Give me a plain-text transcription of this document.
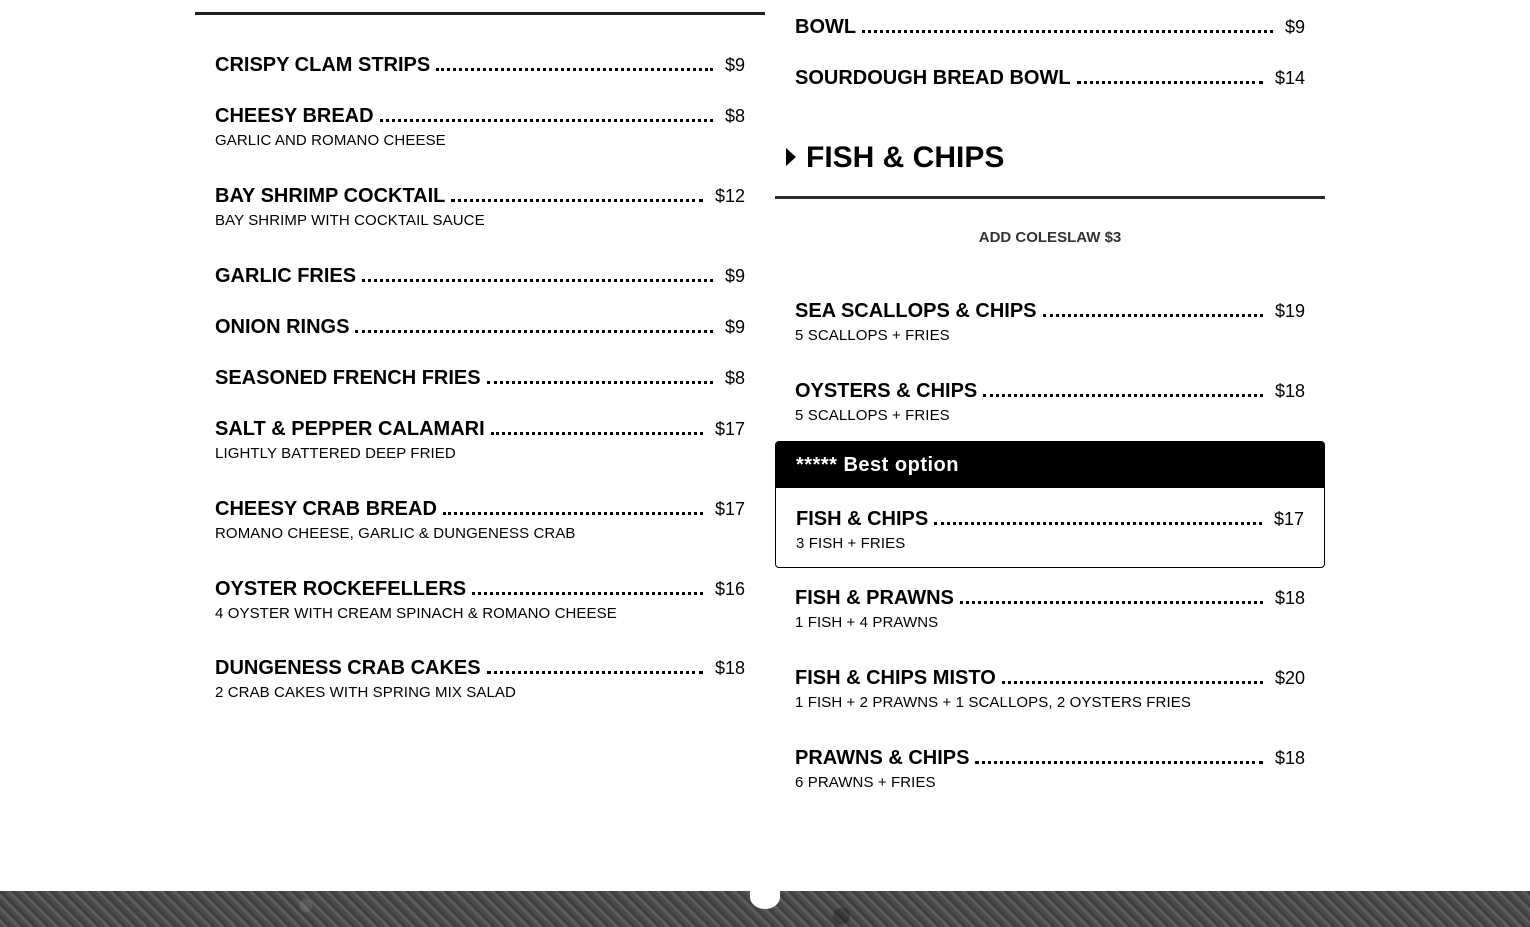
CRISPY CLAM STRIPS	$9
CHEESY BREAD	$8
GARLIC AND ROMANO CHEESE
BAY SHRIMP COCKTAIL	$12
BAY SHRIMP WITH COCKTAIL SAUCE
GARLIC FRIES	$9
ONION RINGS	$9
SEASONED FRENCH FRIES	$8
SALT & PEPPER CALAMARI	$17
LIGHTLY BATTERED DEEP FRIED
CHEESY CRAB BREAD	$17
ROMANO CHEESE, GARLIC & DUNGENESS CRAB
OYSTER ROCKEFELLERS	$16
4 OYSTER WITH CREAM SPINACH & ROMANO CHEESE
DUNGENESS CRAB CAKES	$18
2 CRAB CAKES WITH SPRING MIX SALAD
BOWL	$9
SOURDOUGH BREAD BOWL	$14
FISH & CHIPS
ADD COLESLAW $3
SEA SCALLOPS & CHIPS	$19
5 SCALLOPS + FRIES
OYSTERS & CHIPS	$18
5 SCALLOPS + FRIES
***** Best option
FISH & CHIPS	$17
3 FISH + FRIES
FISH & PRAWNS	$18
1 FISH + 4 PRAWNS
FISH & CHIPS MISTO	$20
1 FISH + 2 PRAWNS + 1 SCALLOPS, 2 OYSTERS FRIES
PRAWNS & CHIPS	$18
6 PRAWNS + FRIES
